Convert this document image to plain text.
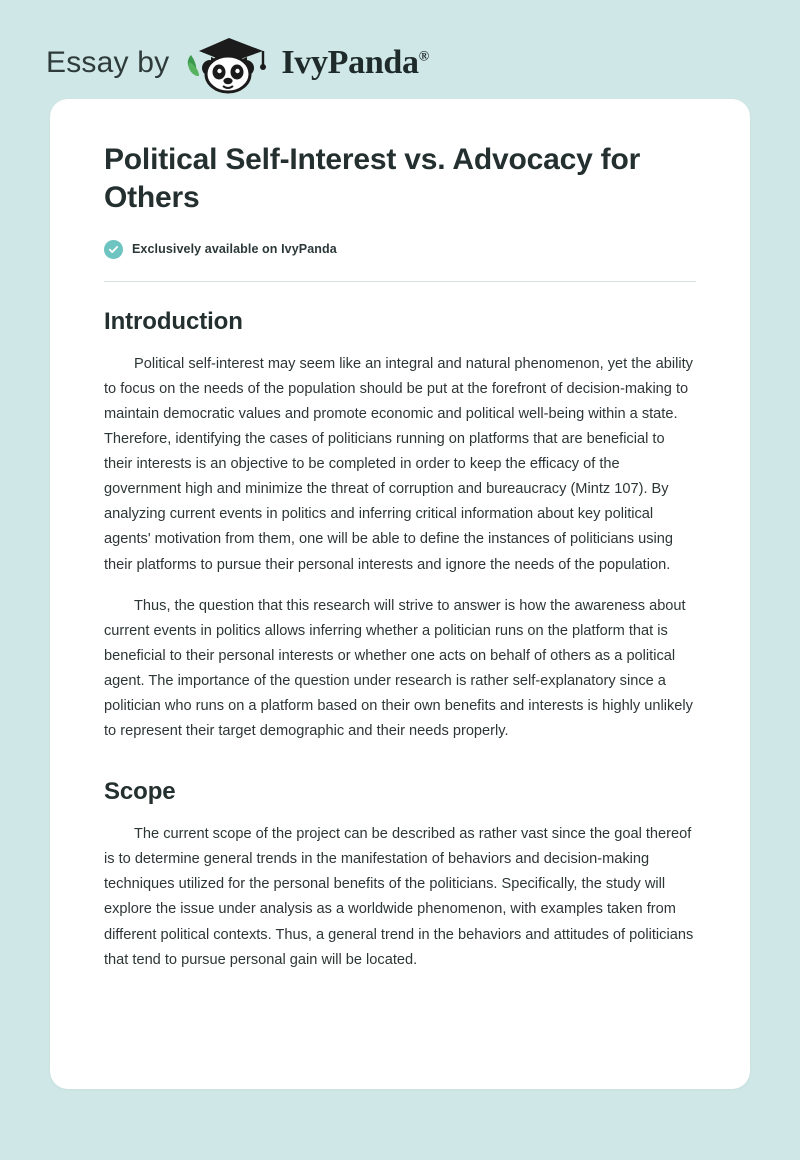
Essay by	IvyPanda®
Political Self-Interest vs. Advocacy for Others
Exclusively available on IvyPanda
Introduction

Political self-interest may seem like an integral and natural phenomenon, yet the ability to focus on the needs of the population should be put at the forefront of decision-making to maintain democratic values and promote economic and political well-being within a state. Therefore, identifying the cases of politicians running on platforms that are beneficial to their interests is an objective to be completed in order to keep the efficacy of the government high and minimize the threat of corruption and bureaucracy (Mintz 107). By analyzing current events in politics and inferring critical information about key political agents' motivation from them, one will be able to define the instances of politicians using their platforms to pursue their personal interests and ignore the needs of the population.

Thus, the question that this research will strive to answer is how the awareness about current events in politics allows inferring whether a politician runs on the platform that is beneficial to their personal interests or whether one acts on behalf of others as a political agent. The importance of the question under research is rather self-explanatory since a politician who runs on a platform based on their own benefits and interests is highly unlikely to represent their target demographic and their needs properly.

Scope

The current scope of the project can be described as rather vast since the goal thereof is to determine general trends in the manifestation of behaviors and decision-making techniques utilized for the personal benefits of the politicians. Specifically, the study will explore the issue under analysis as a worldwide phenomenon, with examples taken from different political contexts. Thus, a general trend in the behaviors and attitudes of politicians that tend to pursue personal gain will be located.
